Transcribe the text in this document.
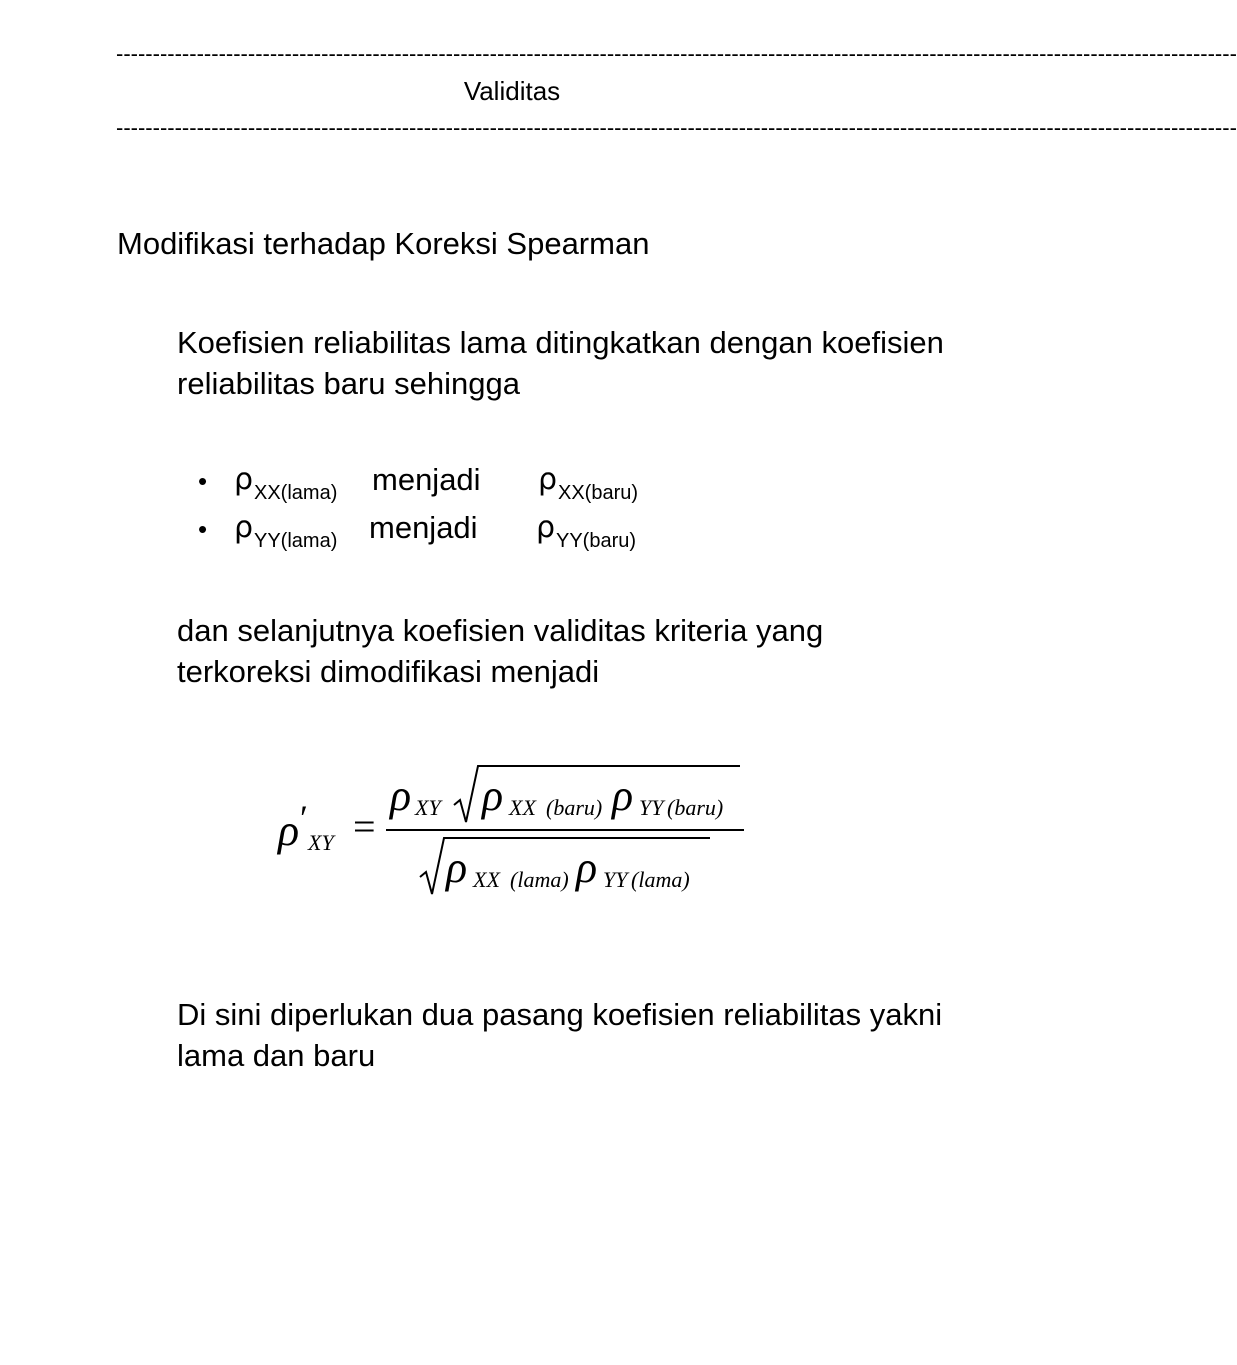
---------------------------------------------------------------------------------------------------------------------------------------------------------
Validitas
---------------------------------------------------------------------------------------------------------------------------------------------------------
Modifikasi terhadap Koreksi Spearman
Koefisien reliabilitas lama ditingkatkan dengan koefisien reliabilitas baru sehingga
• ρ XX(lama) menjadi ρ XX(baru)
• ρ YY(lama) menjadi ρ YY(baru)
dan selanjutnya koefisien validitas kriteria yang terkoreksi dimodifikasi menjadi
ρ ′
XY =
ρ XY ρ XX (baru) ρ YY (baru)
ρ XX (lama) ρ YY (lama)
Di sini diperlukan dua pasang koefisien reliabilitas yakni lama dan baru
